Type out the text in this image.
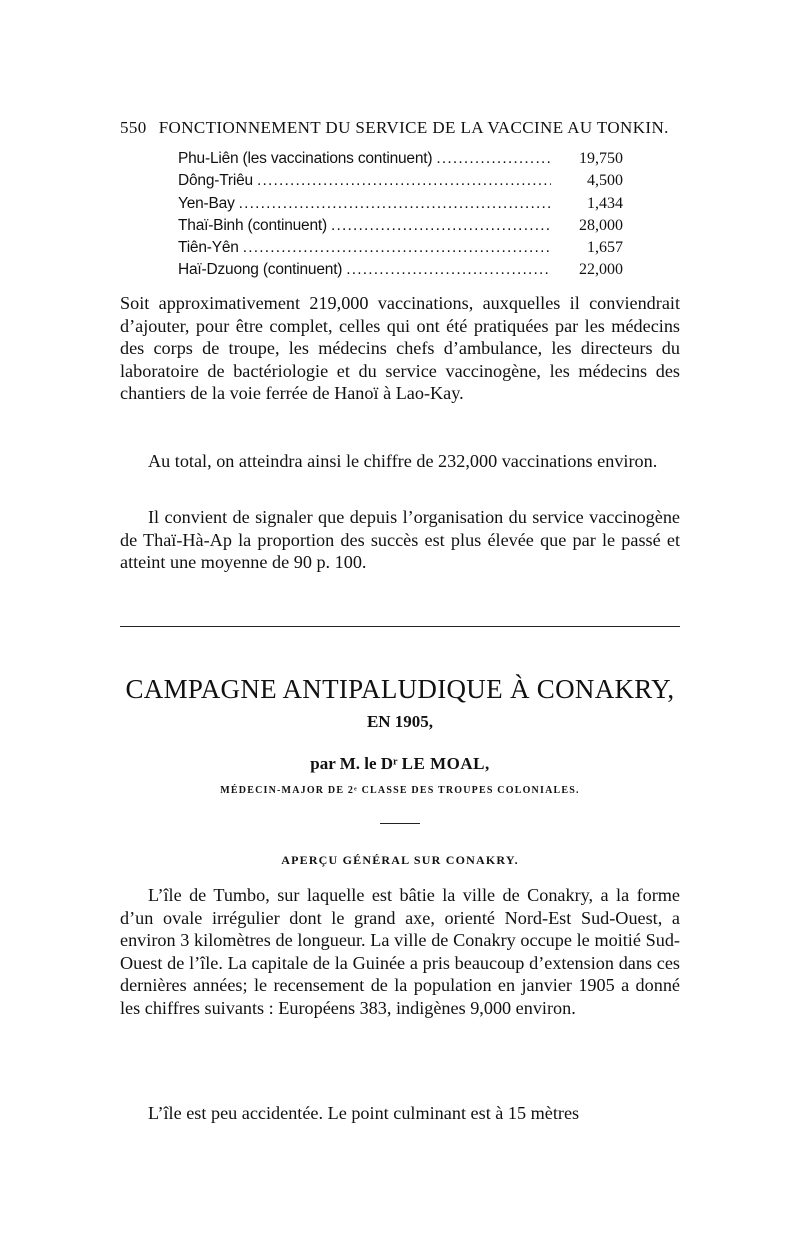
550 FONCTIONNEMENT DU SERVICE DE LA VACCINE AU TONKIN.
Phu-Liên (les vaccinations continuent) .....	19,750
Dông-Triêu .....	4,500
Yen-Bay .....	1,434
Thaï-Binh (continuent) .....	28,000
Tiên-Yên .....	1,657
Haï-Dzuong (continuent) .....	22,000

Soit approximativement 219,000 vaccinations, auxquelles il conviendrait d’ajouter, pour être complet, celles qui ont été pratiquées par les médecins des corps de troupe, les médecins chefs d’ambulance, les directeurs du laboratoire de bactériologie et du service vaccinogène, les médecins des chantiers de la voie ferrée de Hanoï à Lao-Kay.

Au total, on atteindra ainsi le chiffre de 232,000 vaccinations environ.

Il convient de signaler que depuis l’organisation du service vaccinogène de Thaï-Hà-Ap la proportion des succès est plus élevée que par le passé et atteint une moyenne de 90 p. 100.

CAMPAGNE ANTIPALUDIQUE À CONAKRY,
EN 1905,
par M. le Dʳ LE MOAL,
MÉDECIN-MAJOR DE 2ᵉ CLASSE DES TROUPES COLONIALES.
APERÇU GÉNÉRAL SUR CONAKRY.

L’île de Tumbo, sur laquelle est bâtie la ville de Conakry, a la forme d’un ovale irrégulier dont le grand axe, orienté Nord-Est Sud-Ouest, a environ 3 kilomètres de longueur. La ville de Conakry occupe le moitié Sud-Ouest de l’île. La capitale de la Guinée a pris beaucoup d’extension dans ces dernières années; le recensement de la population en janvier 1905 a donné les chiffres suivants : Européens 383, indigènes 9,000 environ.

L’île est peu accidentée. Le point culminant est à 15 mètres
